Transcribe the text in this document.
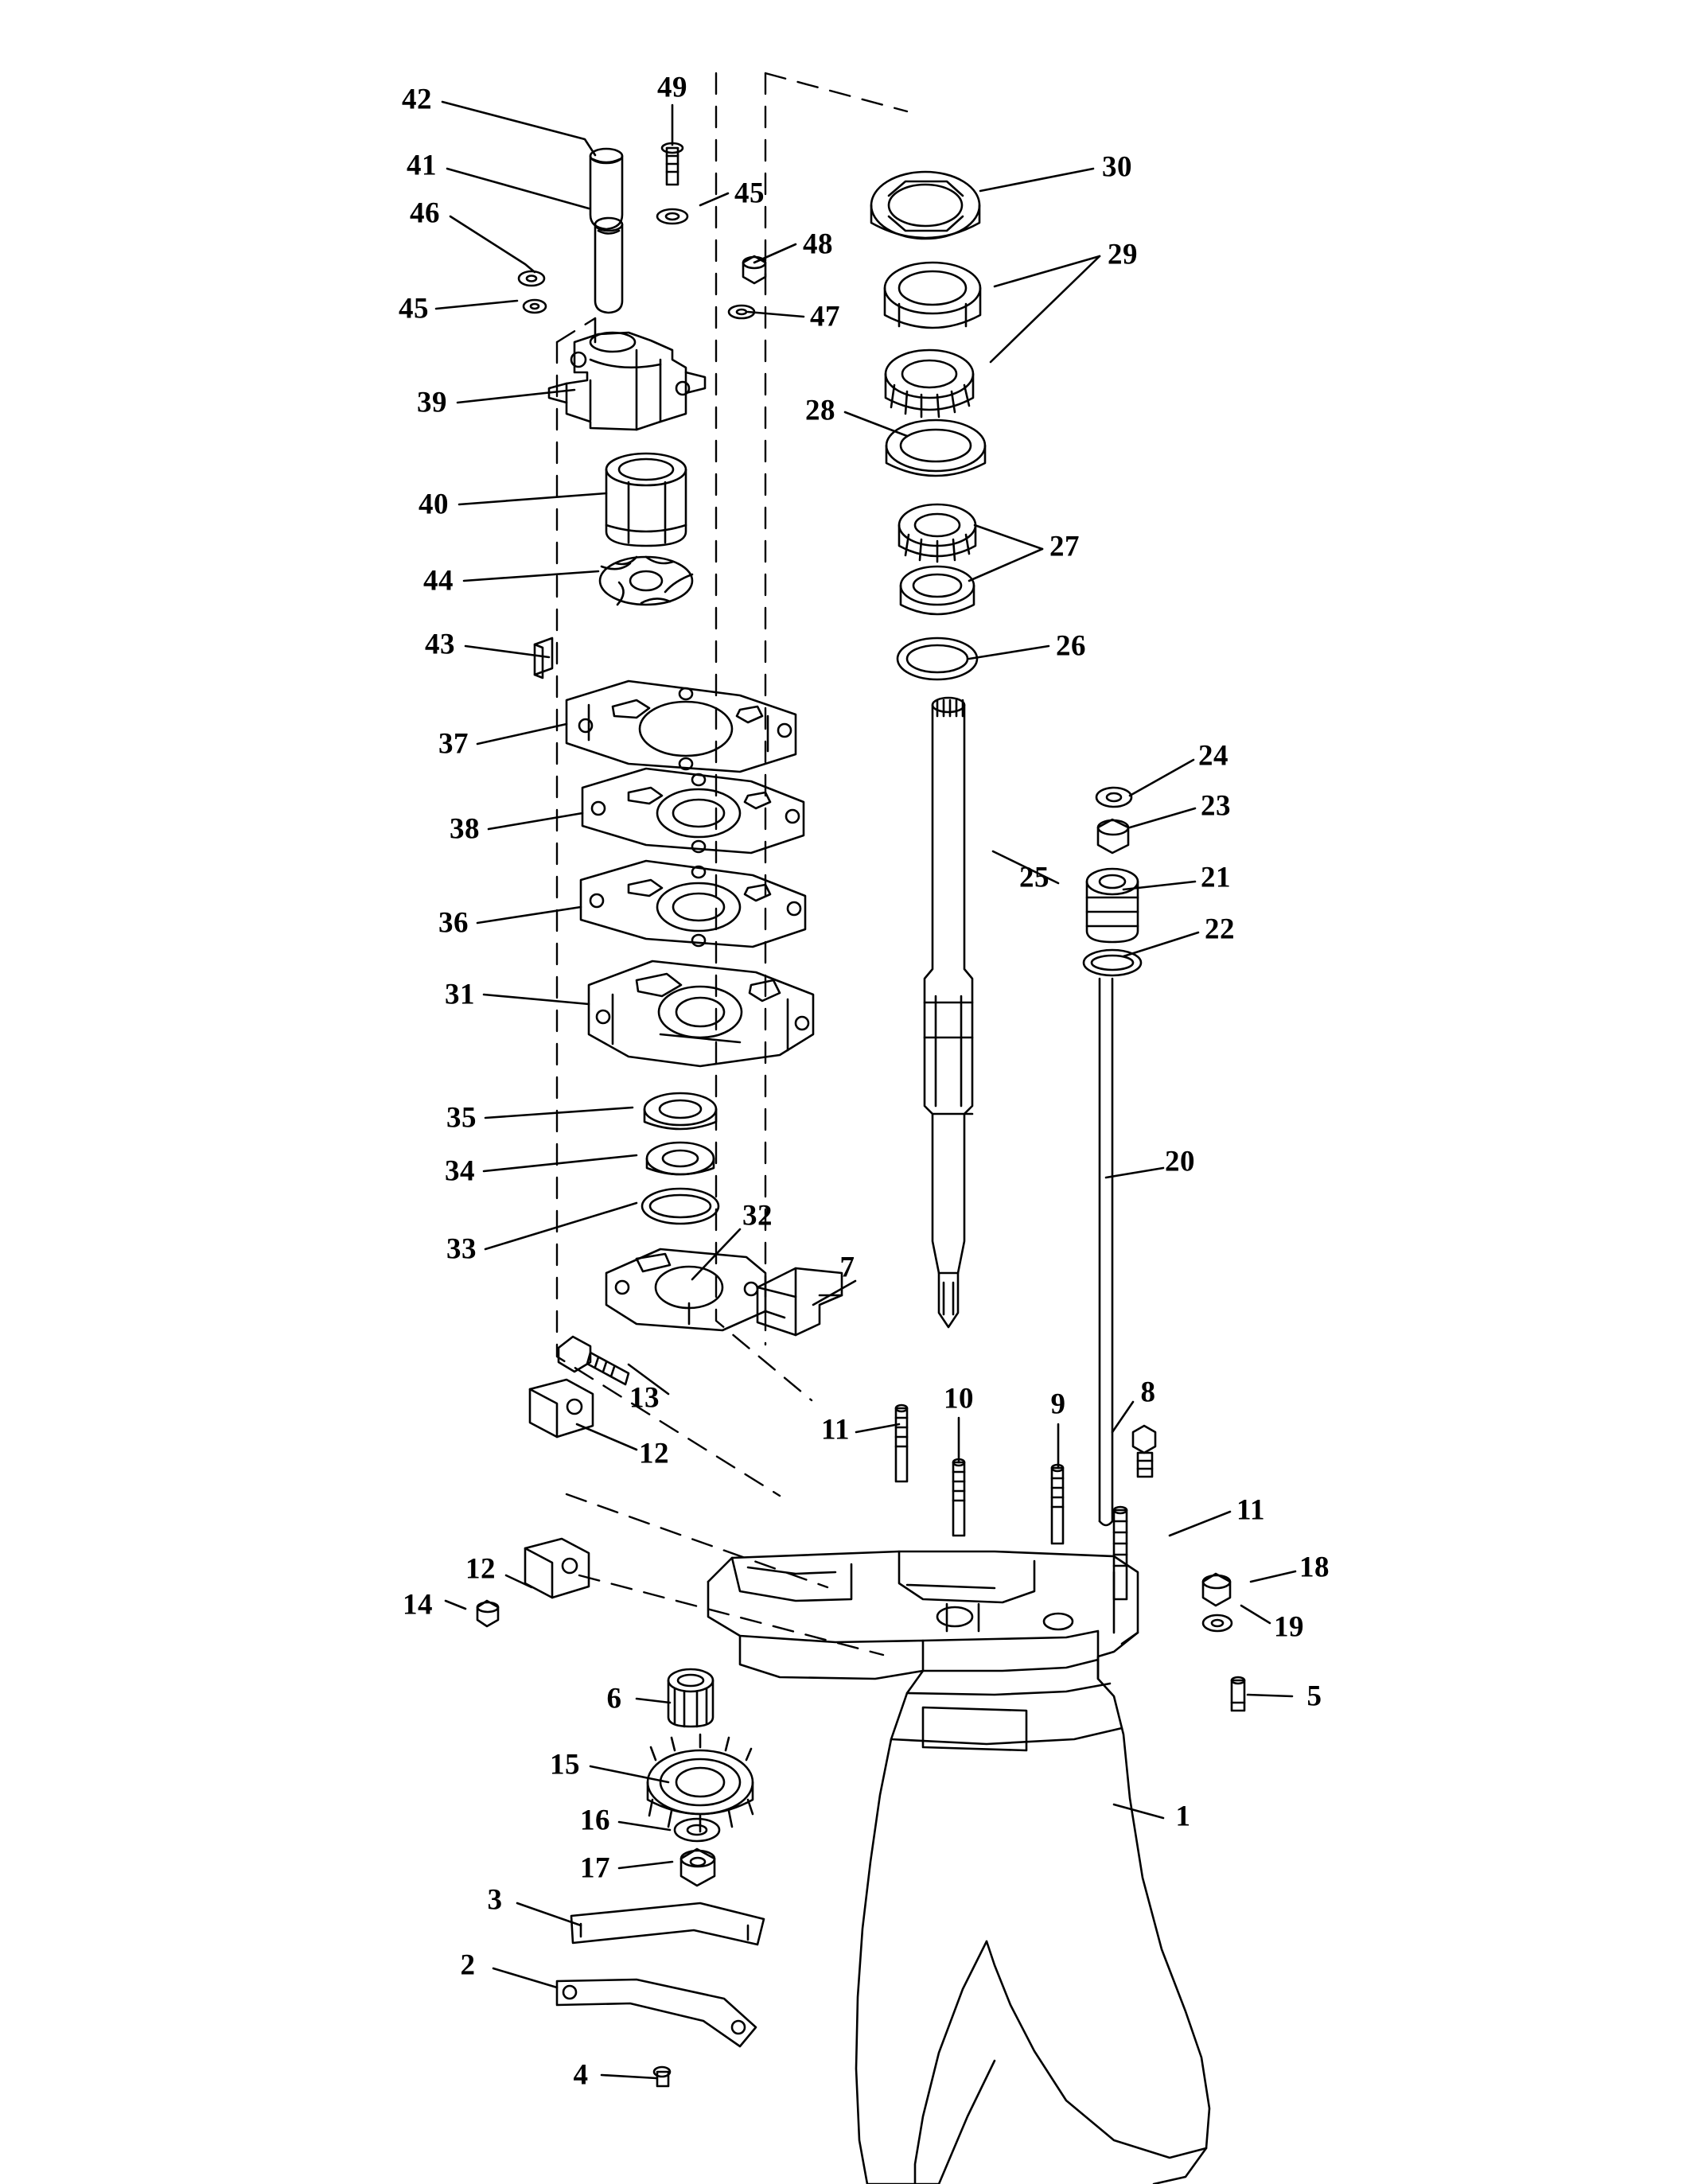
42	49
41
45
46
48
45	47
39
30
29
28
27
26
40
44
43
37
38
36
31
35
34
33
32
24
23
25	21
22
20
7
13
12
11
10	9	8
11
18
19
12
14
5
6
15
16
17
1
3
2
4
